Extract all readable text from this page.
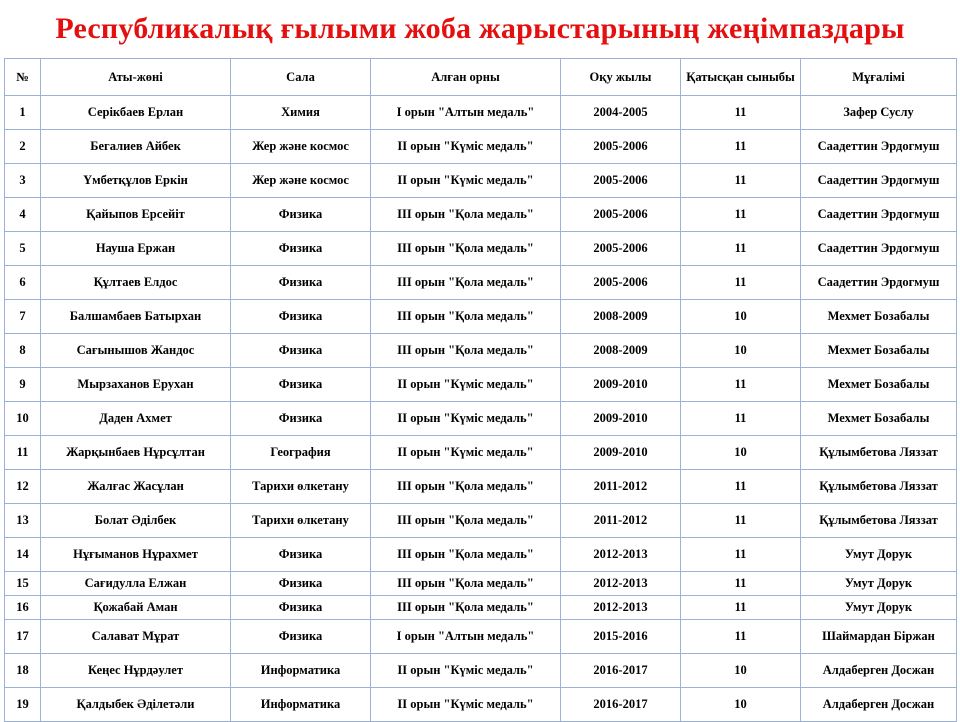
Республикалық ғылыми жоба жарыстарының жеңімпаздары
№	Аты-жөні	Сала	Алған орны	Оқу жылы	Қатысқан сыныбы	Мұғалімі
1	Серікбаев Ерлан	Химия	I орын "Алтын медаль"	2004-2005	11	Зафер Суслу
2	Бегалиев Айбек	Жер және космос	II орын "Күміс медаль"	2005-2006	11	Саадеттин Эрдогмуш
3	Үмбетқұлов Еркін	Жер және космос	II орын "Күміс медаль"	2005-2006	11	Саадеттин Эрдогмуш
4	Қайыпов Ерсейіт	Физика	III орын "Қола медаль"	2005-2006	11	Саадеттин Эрдогмуш
5	Науша Ержан	Физика	III орын "Қола медаль"	2005-2006	11	Саадеттин Эрдогмуш
6	Құлтаев Елдос	Физика	III орын "Қола медаль"	2005-2006	11	Саадеттин Эрдогмуш
7	Балшамбаев Батырхан	Физика	III орын "Қола медаль"	2008-2009	10	Мехмет Бозабалы
8	Сағынышов Жандос	Физика	III орын "Қола медаль"	2008-2009	10	Мехмет Бозабалы
9	Мырзаханов Ерухан	Физика	II орын "Күміс медаль"	2009-2010	11	Мехмет Бозабалы
10	Даден Ахмет	Физика	II орын "Күміс медаль"	2009-2010	11	Мехмет Бозабалы
11	Жарқынбаев Нұрсұлтан	География	II орын "Күміс медаль"	2009-2010	10	Құлымбетова Ляззат
12	Жалғас Жасұлан	Тарихи өлкетану	III орын "Қола медаль"	2011-2012	11	Құлымбетова Ляззат
13	Болат Әділбек	Тарихи өлкетану	III орын "Қола медаль"	2011-2012	11	Құлымбетова Ляззат
14	Нұғыманов Нұрахмет	Физика	III орын "Қола медаль"	2012-2013	11	Умут Дорук
15	Сағидулла Елжан	Физика	III орын "Қола медаль"	2012-2013	11	Умут Дорук
16	Қожабай Аман	Физика	III орын "Қола медаль"	2012-2013	11	Умут Дорук
17	Салават Мұрат	Физика	I орын "Алтын медаль"	2015-2016	11	Шаймардан Біржан
18	Кеңес Нұрдәулет	Информатика	II орын "Күміс медаль"	2016-2017	10	Алдаберген Досжан
19	Қалдыбек Әділетәли	Информатика	II орын "Күміс медаль"	2016-2017	10	Алдаберген Досжан
